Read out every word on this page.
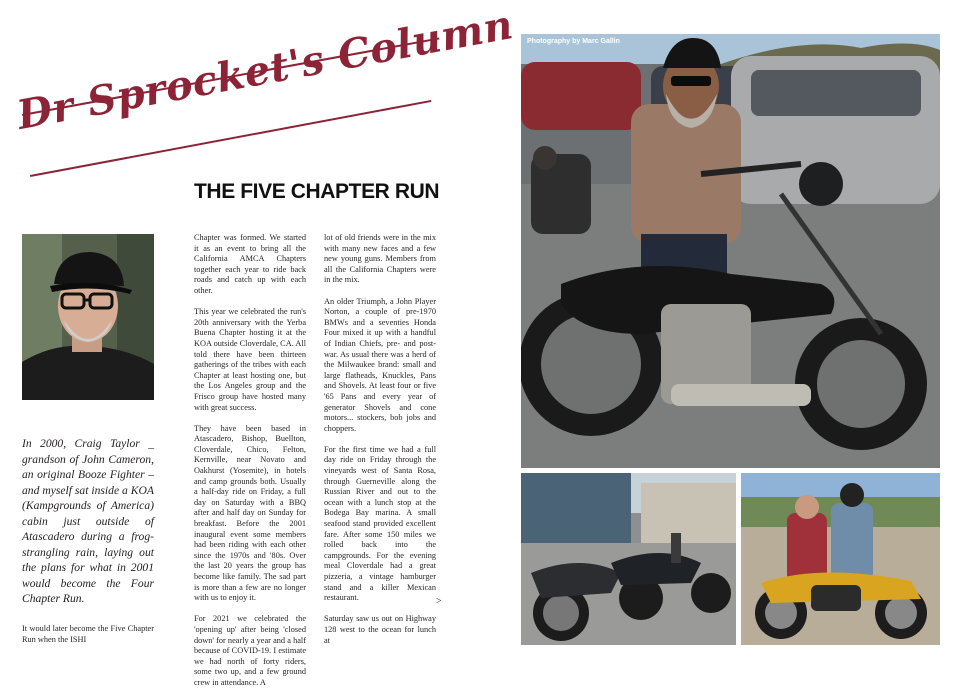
Dr Sprocket's Column
THE FIVE CHAPTER RUN
In 2000, Craig Taylor _ grandson of John Cameron, an original Booze Fighter – and myself sat inside a KOA (Kampgrounds of America) cabin just outside of Atascadero during a frog-strangling rain, laying out the plans for what in 2001 would become the Four Chapter Run.

It would later become the Five Chapter Run when the ISHI

Chapter was formed. We started it as an event to bring all the California AMCA Chapters together each year to ride back roads and catch up with each other.

This year we celebrated the run's 20th anniversary with the Yerba Buena Chapter hosting it at the KOA outside Cloverdale, CA. All told there have been thirteen gatherings of the tribes with each Chapter at least hosting one, but the Los Angeles group and the Frisco group have hosted many with great success.

They have been based in Atascadero, Bishop, Buellton, Cloverdale, Chico, Felton, Kernville, near Novato and Oakhurst (Yosemite), in hotels and camp grounds both. Usually a half-day ride on Friday, a full day on Saturday with a BBQ after and half day on Sunday for breakfast. Before the 2001 inaugural event some members had been riding with each other since the 1970s and '80s. Over the last 20 years the group has become like family. The sad part is more than a few are no longer with us to enjoy it.

For 2021 we celebrated the 'opening up' after being 'closed down' for nearly a year and a half because of COVID-19. I estimate we had north of forty riders, some two up, and a few ground crew in attendance. A

lot of old friends were in the mix with many new faces and a few new young guns. Members from all the California Chapters were in the mix.

An older Triumph, a John Player Norton, a couple of pre-1970 BMWs and a seventies Honda Four mixed it up with a handful of Indian Chiefs, pre- and post-war. As usual there was a herd of the Milwaukee brand: small and large flatheads, Knuckles, Pans and Shovels. At least four or five '65 Pans and every year of generator Shovels and cone motors... stockers, bob jobs and choppers.

For the first time we had a full day ride on Friday through the vineyards west of Santa Rosa, through Guerneville along the Russian River and out to the ocean with a lunch stop at the Bodega Bay marina. A small seafood stand provided excellent fare. After some 150 miles we rolled back into the campgrounds. For the evening meal Cloverdale had a great pizzeria, a vintage hamburger stand and a killer Mexican restaurant.

Saturday saw us out on Highway 128 west to the ocean for lunch at

>
Photography by Marc Gallin
